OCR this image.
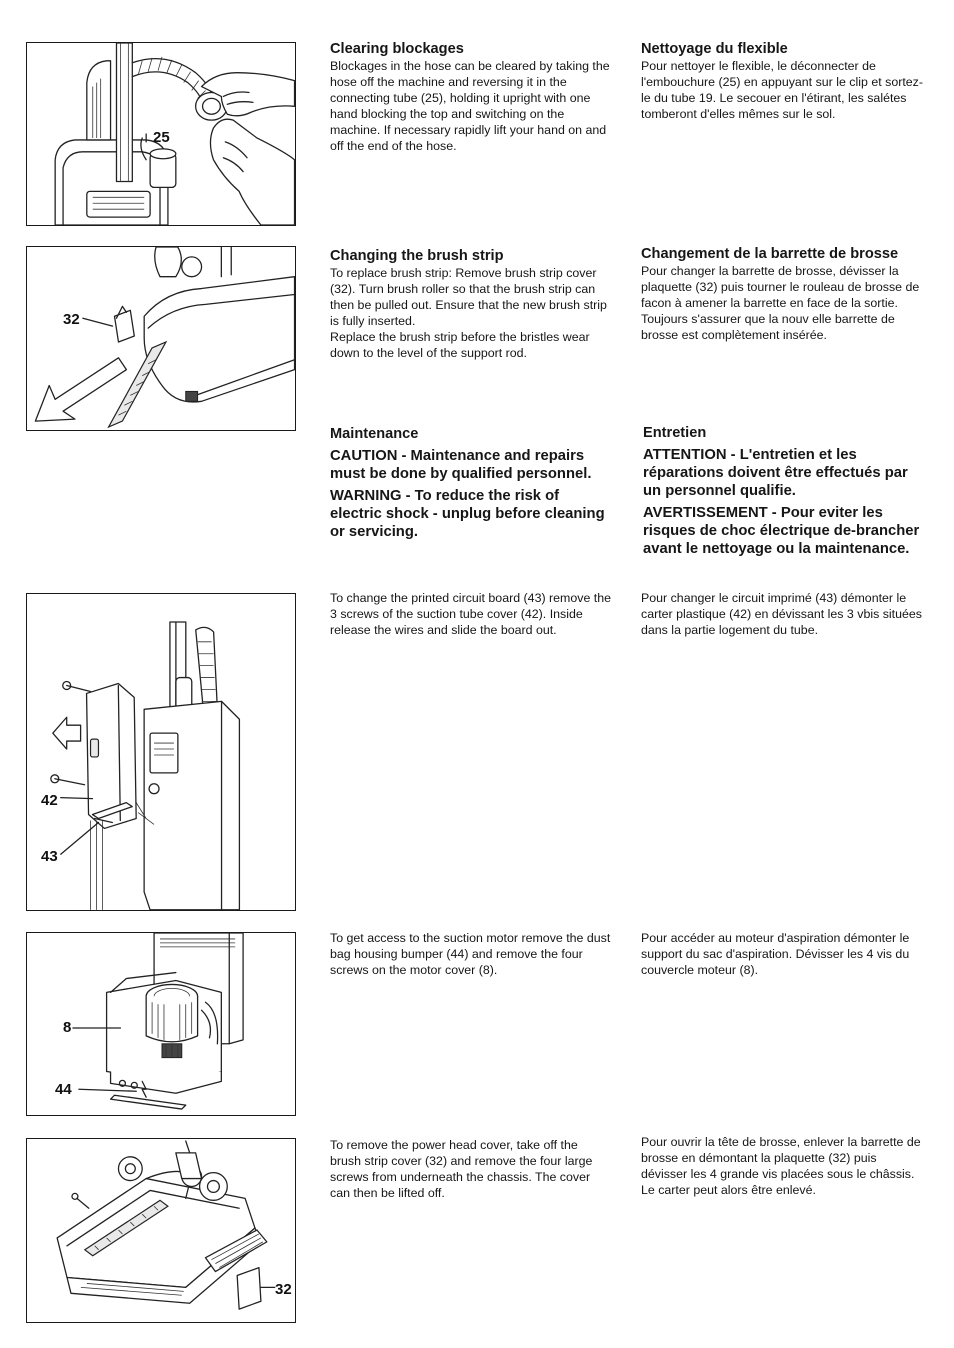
25
Clearing blockages

Blockages in the hose can be cleared by taking the hose off the machine and reversing it in the connecting tube (25), holding it upright with one hand blocking the top and switching on the machine. If necessary rapidly lift your hand on and off the end of the hose.

Nettoyage du flexible

Pour nettoyer le flexible, le déconnecter de l'embouchure (25) en appuyant sur le clip et sortez-le du tube 19. Le secouer en l'étirant, les salétes tomberont d'elles mêmes sur le sol.

32
Changing the brush strip

To replace brush strip: Remove brush strip cover (32). Turn brush roller so that the brush strip can then be pulled out. Ensure that the new brush strip is fully inserted.

Replace the brush strip before the bristles wear down to the level of the support rod.

Changement de la barrette de brosse

Pour changer la barrette de brosse, dévisser la plaquette (32) puis tourner le rouleau de brosse de facon à amener la barrette en face de la sortie. Toujours s'assurer que la nouv elle barrette de brosse est complètement insérée.

Maintenance

CAUTION - Maintenance and repairs must be done by qualified personnel.

WARNING - To reduce the risk of electric shock - unplug before cleaning or servicing.

Entretien

ATTENTION - L'entretien et les réparations doivent être effectués par un personnel qualifie.

AVERTISSEMENT - Pour eviter les risques de choc électrique de-brancher avant le nettoyage ou la maintenance.

42
43

To change the printed circuit board (43) remove the 3 screws of the suction tube cover (42). Inside release the wires and slide the board out.

Pour changer le circuit imprimé (43) démonter le carter plastique (42) en dévissant les 3 vbis situées dans la partie logement du tube.

8
44

To get access to the suction motor remove the dust bag housing bumper (44) and remove the four screws on the motor cover (8).

Pour accéder au moteur d'aspiration démonter le support du sac d'aspiration. Dévisser les 4 vis du couvercle moteur (8).

32

To remove the power head cover, take off the brush strip cover (32) and remove the four large screws from underneath the chassis. The cover can then be lifted off.

Pour ouvrir la tête de brosse, enlever la barrette de brosse en démontant la plaquette (32) puis dévisser les 4 grande vis placées sous le châssis. Le carter peut alors être enlevé.
